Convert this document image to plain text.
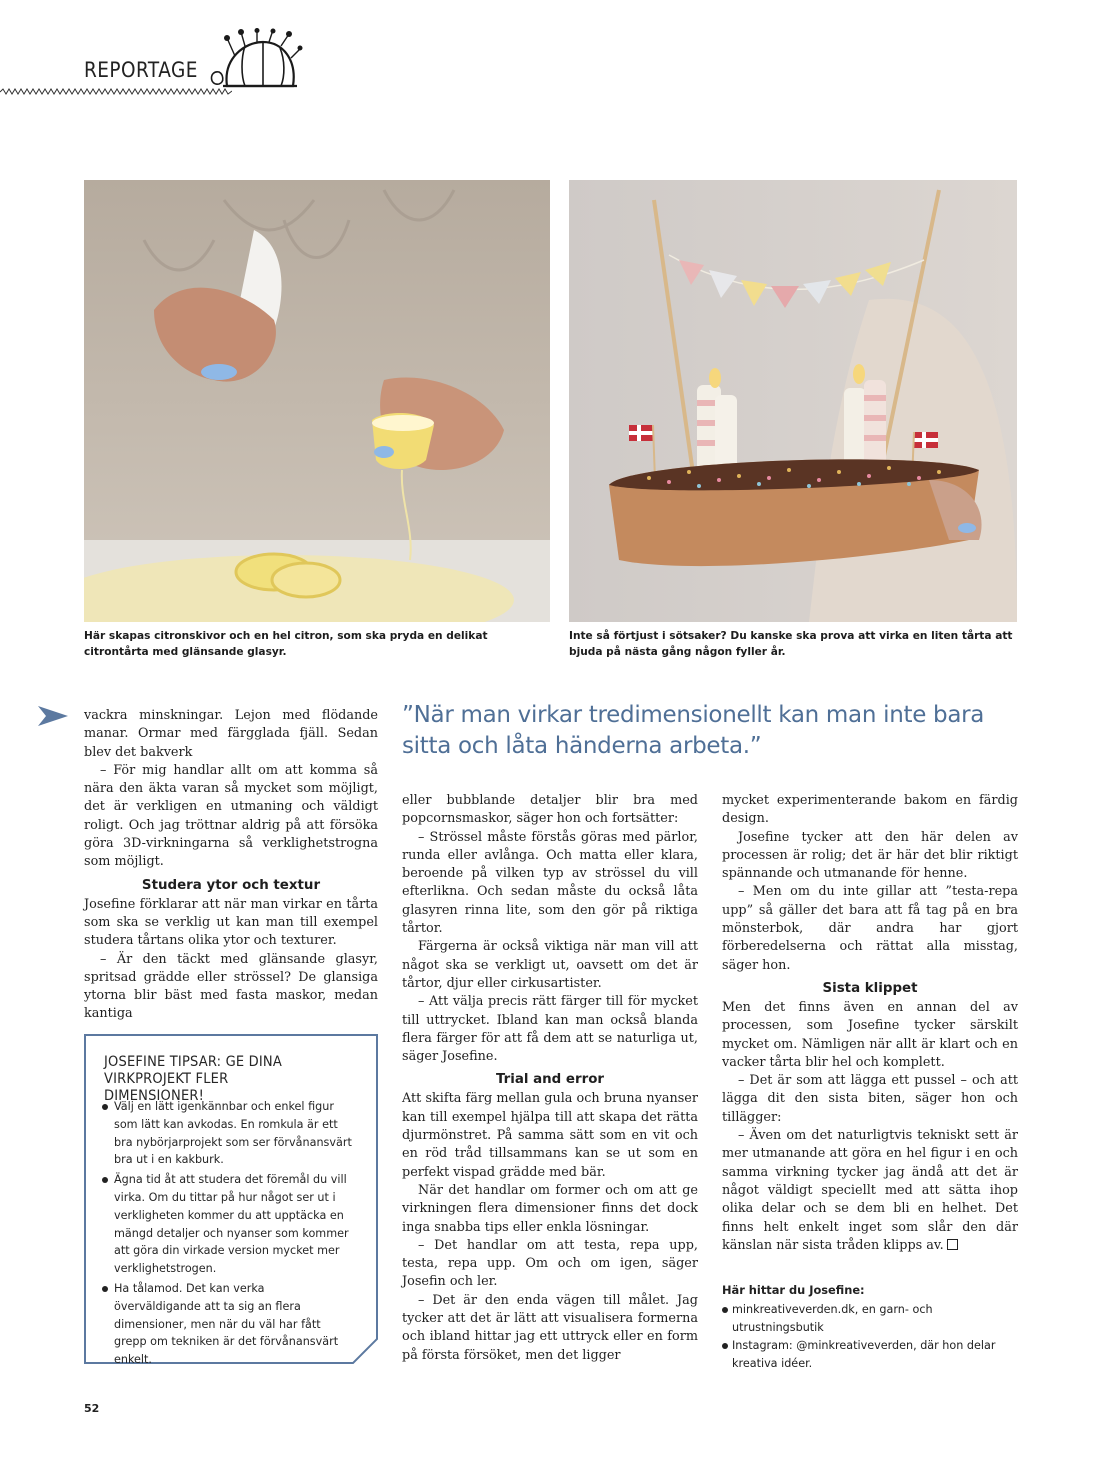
REPORTAGE
Här skapas citronskivor och en hel citron, som ska pryda en delikat citrontårta med glänsande glasyr.
Inte så förtjust i sötsaker? Du kanske ska prova att virka en liten tårta att bjuda på nästa gång någon fyller år.
”När man virkar tredimensionellt kan man inte bara sitta och låta händerna arbeta.”

vackra minskningar. Lejon med flödande manar. Ormar med färgglada fjäll. Sedan blev det bakverk

– För mig handlar allt om att komma så nära den äkta varan så mycket som möjligt, det är verkligen en utmaning och väldigt roligt. Och jag tröttnar aldrig på att försöka göra 3D-virkningarna så verklighetstrogna som möjligt.

Studera ytor och textur

Josefine förklarar att när man virkar en tårta som ska se verklig ut kan man till exempel studera tårtans olika ytor och texturer.

– Är den täckt med glänsande glasyr, spritsad grädde eller strössel? De glansiga ytorna blir bäst med fasta maskor, medan kantiga

JOSEFINE TIPSAR: GE DINA VIRKPROJEKT FLER DIMENSIONER!
Välj en lätt igenkännbar och enkel figur som lätt kan avkodas. En romkula är ett bra nybörjarprojekt som ser förvånansvärt bra ut i en kakburk.
Ägna tid åt att studera det föremål du vill virka. Om du tittar på hur något ser ut i verkligheten kommer du att upptäcka en mängd detaljer och nyanser som kommer att göra din virkade version mycket mer verklighetstrogen.
Ha tålamod. Det kan verka överväldigande att ta sig an flera dimensioner, men när du väl har fått grepp om tekniken är det förvånansvärt enkelt.

eller bubblande detaljer blir bra med popcornsmaskor, säger hon och fortsätter:

– Strössel måste förstås göras med pärlor, runda eller avlånga. Och matta eller klara, beroende på vilken typ av strössel du vill efterlikna. Och sedan måste du också låta glasyren rinna lite, som den gör på riktiga tårtor.

Färgerna är också viktiga när man vill att något ska se verkligt ut, oavsett om det är tårtor, djur eller cirkusartister.

– Att välja precis rätt färger till för mycket till uttrycket. Ibland kan man också blanda flera färger för att få dem att se naturliga ut, säger Josefine.

Trial and error

Att skifta färg mellan gula och bruna nyanser kan till exempel hjälpa till att skapa det rätta djurmönstret. På samma sätt som en vit och en röd tråd tillsammans kan se ut som en perfekt vispad grädde med bär.

När det handlar om former och om att ge virkningen flera dimensioner finns det dock inga snabba tips eller enkla lösningar.

– Det handlar om att testa, repa upp, testa, repa upp. Om och om igen, säger Josefin och ler.

– Det är den enda vägen till målet. Jag tycker att det är lätt att visualisera formerna och ibland hittar jag ett uttryck eller en form på första försöket, men det ligger

mycket experimenterande bakom en färdig design.

Josefine tycker att den här delen av processen är rolig; det är här det blir riktigt spännande och utmanande för henne.

– Men om du inte gillar att ”testa-repa upp” så gäller det bara att få tag på en bra mönsterbok, där andra har gjort förberedelserna och rättat alla misstag, säger hon.

Sista klippet

Men det finns även en annan del av processen, som Josefine tycker särskilt mycket om. Nämligen när allt är klart och en vacker tårta blir hel och komplett.

– Det är som att lägga ett pussel – och att lägga dit den sista biten, säger hon och tillägger:

– Även om det naturligtvis tekniskt sett är mer utmanande att göra en hel figur i en och samma virkning tycker jag ändå att det är något väldigt speciellt med att sätta ihop olika delar och se dem bli en helhet. Det finns helt enkelt inget som slår den där känslan när sista tråden klipps av.

Här hittar du Josefine:
minkreativeverden.dk, en garn- och utrustningsbutik
Instagram: @minkreativeverden, där hon delar kreativa idéer.
52
